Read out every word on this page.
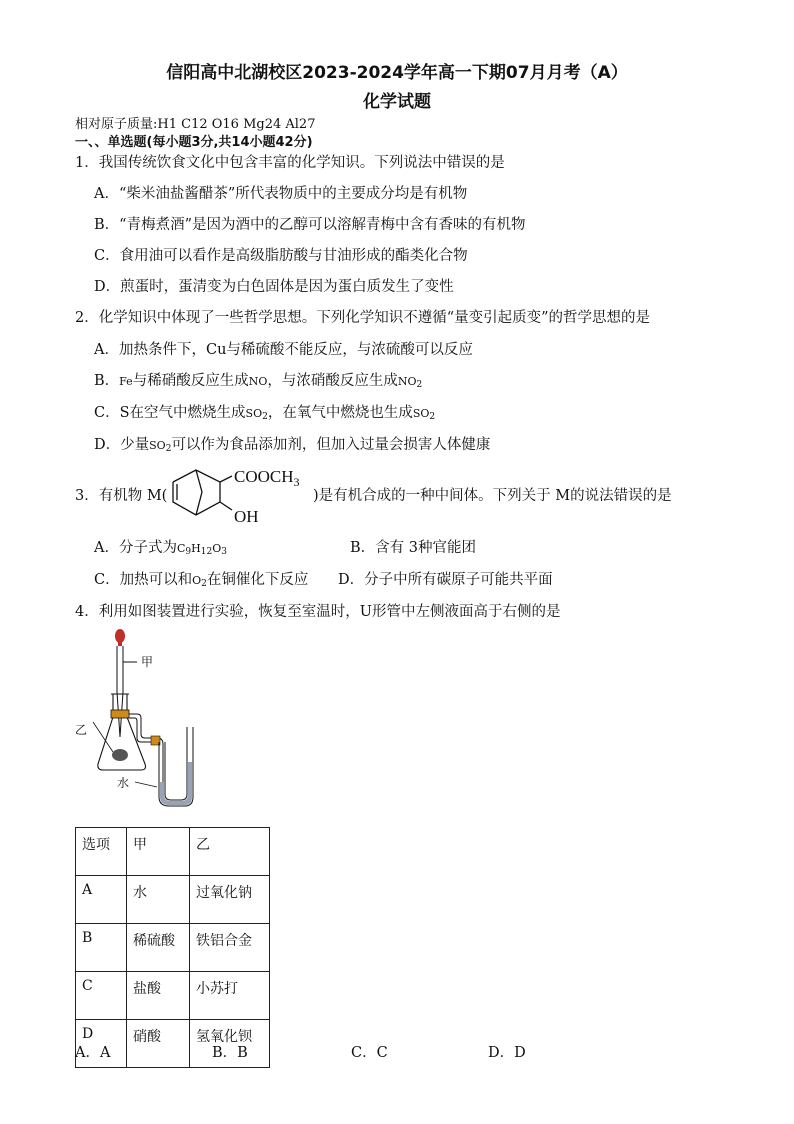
信阳高中北湖校区2023-2024学年高一下期07月月考（A）
化学试题
相对原子质量:H1 C12 O16 Mg24 Al27
一、、单选题(每小题3分,共14小题42分)
1．我国传统饮食文化中包含丰富的化学知识。下列说法中错误的是
A．“柴米油盐酱醋茶”所代表物质中的主要成分均是有机物
B．“青梅煮酒”是因为酒中的乙醇可以溶解青梅中含有香味的有机物
C．食用油可以看作是高级脂肪酸与甘油形成的酯类化合物
D．煎蛋时，蛋清变为白色固体是因为蛋白质发生了变性
2．化学知识中体现了一些哲学思想。下列化学知识不遵循“量变引起质变”的哲学思想的是
A．加热条件下，Cu与稀硫酸不能反应，与浓硫酸可以反应
B．Fe与稀硝酸反应生成NO，与浓硝酸反应生成$NO_2$
C．S在空气中燃烧生成$SO_2$，在氧气中燃烧也生成$SO_2$
D．少量$SO_2$可以作为食品添加剂，但加入过量会损害人体健康
3．有机物 M(
$COOCH_3$
OH
)是有机合成的一种中间体。下列关于 M的说法错误的是
A．分子式为$C_9H_{12}O_3$	B．含有 3种官能团
C．加热可以和$O_2$在铜催化下反应 D．分子中所有碳原子可能共平面
4．利用如图装置进行实验，恢复至室温时，U形管中左侧液面高于右侧的是
甲
乙
水
选项	甲	乙
A	水	过氧化钠
B	稀硫酸	铁铝合金
C	盐酸	小苏打
D	硝酸	氢氧化钡
A．A	B．B	C．C	D．D
